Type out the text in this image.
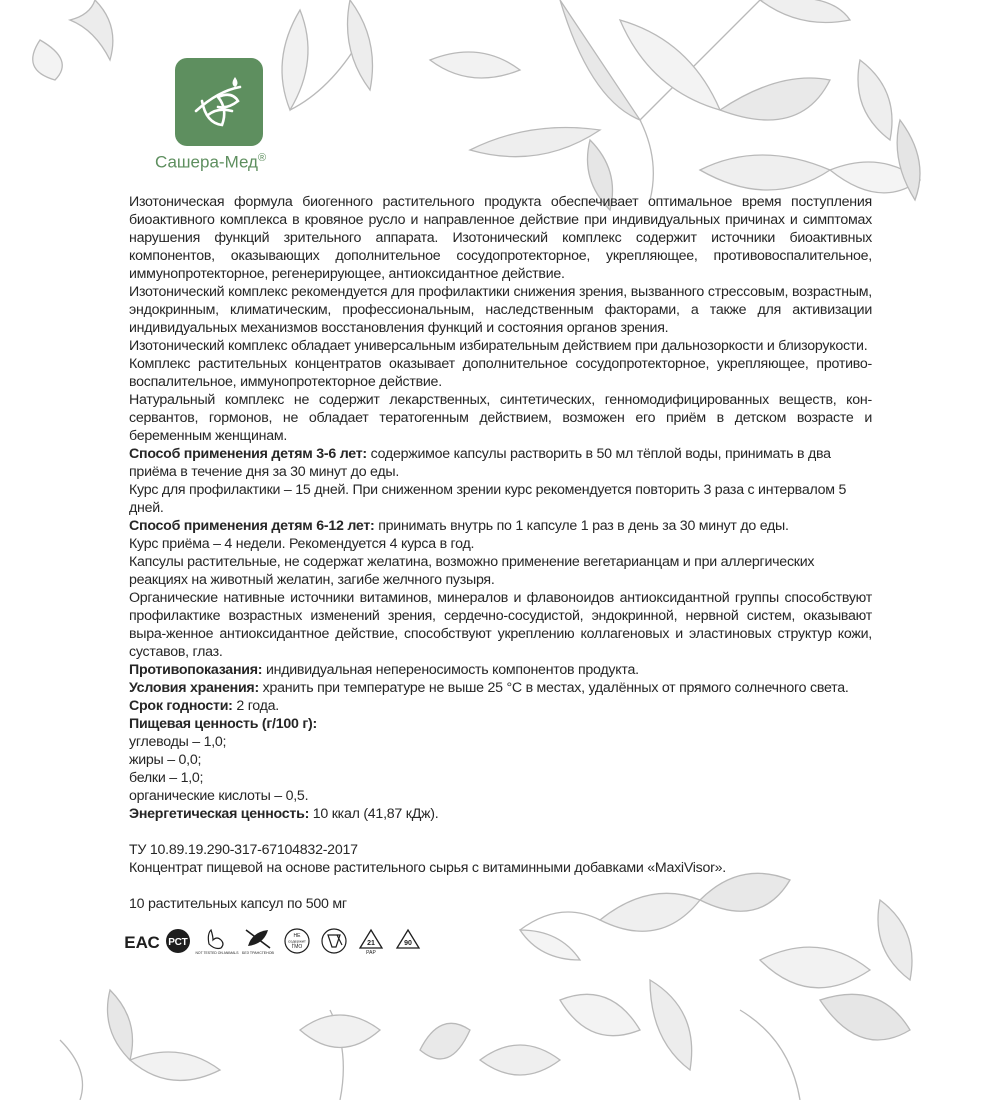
Сашера-Мед®

Изотоническая формула биогенного растительного продукта обеспечивает оптимальное время поступления биоактивного комплекса в кровяное русло и направленное действие при индивидуальных причинах и симптомах нарушения функций зрительного аппарата. Изотонический комплекс содержит источники биоактивных компонентов, оказывающих дополнительное сосудопротекторное, укрепляющее, противовоспалительное, иммунопротекторное, регенерирующее, антиоксидантное действие.

Изотонический комплекс рекомендуется для профилактики снижения зрения, вызванного стрессовым, возрастным, эндокринным, климатическим, профессиональным, наследственным факторами, а также для активизации индивидуальных механизмов восстановления функций и состояния органов зрения.

Изотонический комплекс обладает универсальным избирательным действием при дальнозоркости и близорукости.

Комплекс растительных концентратов оказывает дополнительное сосудопротекторное, укрепляющее, противо-воспалительное, иммунопротекторное действие.

Натуральный комплекс не содержит лекарственных, синтетических, генномодифицированных веществ, кон-сервантов, гормонов, не обладает тератогенным действием, возможен его приём в детском возрасте и беременным женщинам.

Способ применения детям 3-6 лет: содержимое капсулы растворить в 50 мл тёплой воды, принимать в два приёма в течение дня за 30 минут до еды.

Курс для профилактики – 15 дней. При сниженном зрении курс рекомендуется повторить 3 раза с интервалом 5 дней.

Способ применения детям 6-12 лет: принимать внутрь по 1 капсуле 1 раз в день за 30 минут до еды.

Курс приёма – 4 недели. Рекомендуется 4 курса в год.

Капсулы растительные, не содержат желатина, возможно применение вегетарианцам и при аллергических реакциях на животный желатин, загибе желчного пузыря.

Органические нативные источники витаминов, минералов и флавоноидов антиоксидантной группы способствуют профилактике возрастных изменений зрения, сердечно-сосудистой, эндокринной, нервной систем, оказывают выра-женное антиоксидантное действие, способствуют укреплению коллагеновых и эластиновых структур кожи, суставов, глаз.

Противопоказания: индивидуальная непереносимость компонентов продукта.

Условия хранения: хранить при температуре не выше 25 °С в местах, удалённых от прямого солнечного света.

Срок годности: 2 года.

Пищевая ценность (г/100 г):

углеводы – 1,0;

жиры – 0,0;

белки – 1,0;

органические кислоты – 0,5.

Энергетическая ценность: 10 ккал (41,87 кДж).

ТУ 10.89.19.290-317-67104832-2017

Концентрат пищевой на основе растительного сырья с витаминными добавками «MaxiVisor».

10 растительных капсул по 500 мг

ЕАС РСТ
NOT TESTED ON ANIMALS БЕЗ ТРАНСГЕНОВ
НЕ
содержит
ГМО	21
PAP
90
